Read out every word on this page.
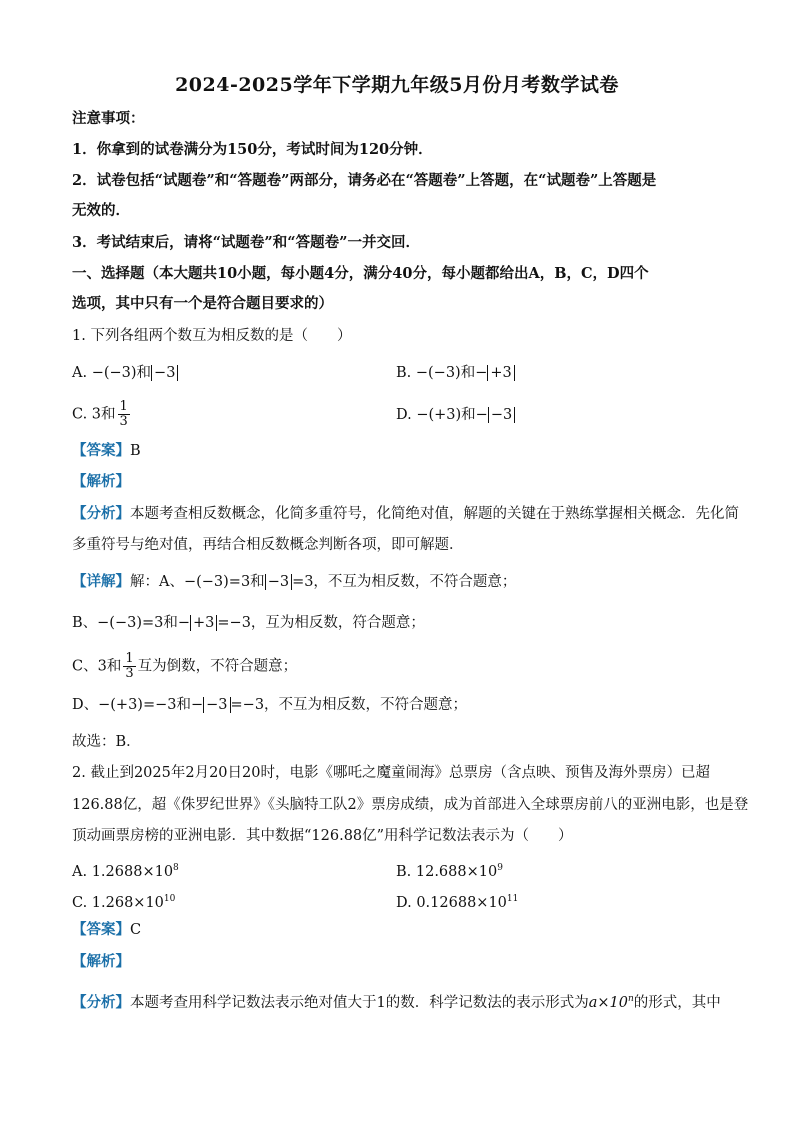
2024-2025学年下学期九年级5月份月考数学试卷
注意事项：
1．你拿到的试卷满分为150分，考试时间为120分钟．
2．试卷包括“试题卷”和“答题卷”两部分，请务必在“答题卷”上答题，在“试题卷”上答题是
无效的．
3．考试结束后，请将“试题卷”和“答题卷”一并交回．
一、选择题（本大题共10小题，每小题4分，满分40分，每小题都给出A，B，C，D四个
选项，其中只有一个是符合题目要求的）
1. 下列各组两个数互为相反数的是（　　）
A. −(−3)和 −3	B. −(−3)和− +3
C. 3和 $\frac{1}{3}$	D. −(+3)和− −3
【答案】B
【解析】
【分析】本题考查相反数概念，化简多重符号，化简绝对值，解题的关键在于熟练掌握相关概念．先化简
多重符号与绝对值，再结合相反数概念判断各项，即可解题．
【详解】解：A、−(−3)=3和 −3 =3，不互为相反数，不符合题意；
B、−(−3)=3和− +3 =−3，互为相反数，符合题意；
C、3和 $\frac{1}{3}$ 互为倒数，不符合题意；
D、−(+3)=−3和− −3 =−3，不互为相反数，不符合题意；
故选：B．
2. 截止到2025年2月20日20时，电影《哪吒之魔童闹海》总票房（含点映、预售及海外票房）已超
126.88亿，超《侏罗纪世界》《头脑特工队2》票房成绩，成为首部进入全球票房前八的亚洲电影，也是登
顶动画票房榜的亚洲电影．其中数据“126.88亿”用科学记数法表示为（　　）
A. $1.2688\times 10^8$	B. $12.688\times 10^9$
C. $1.268\times 10^{10}$	D. $0.12688\times 10^{11}$
【答案】C
【解析】
【分析】本题考查用科学记数法表示绝对值大于1的数．科学记数法的表示形式为$a\times 10^n$的形式，其中
